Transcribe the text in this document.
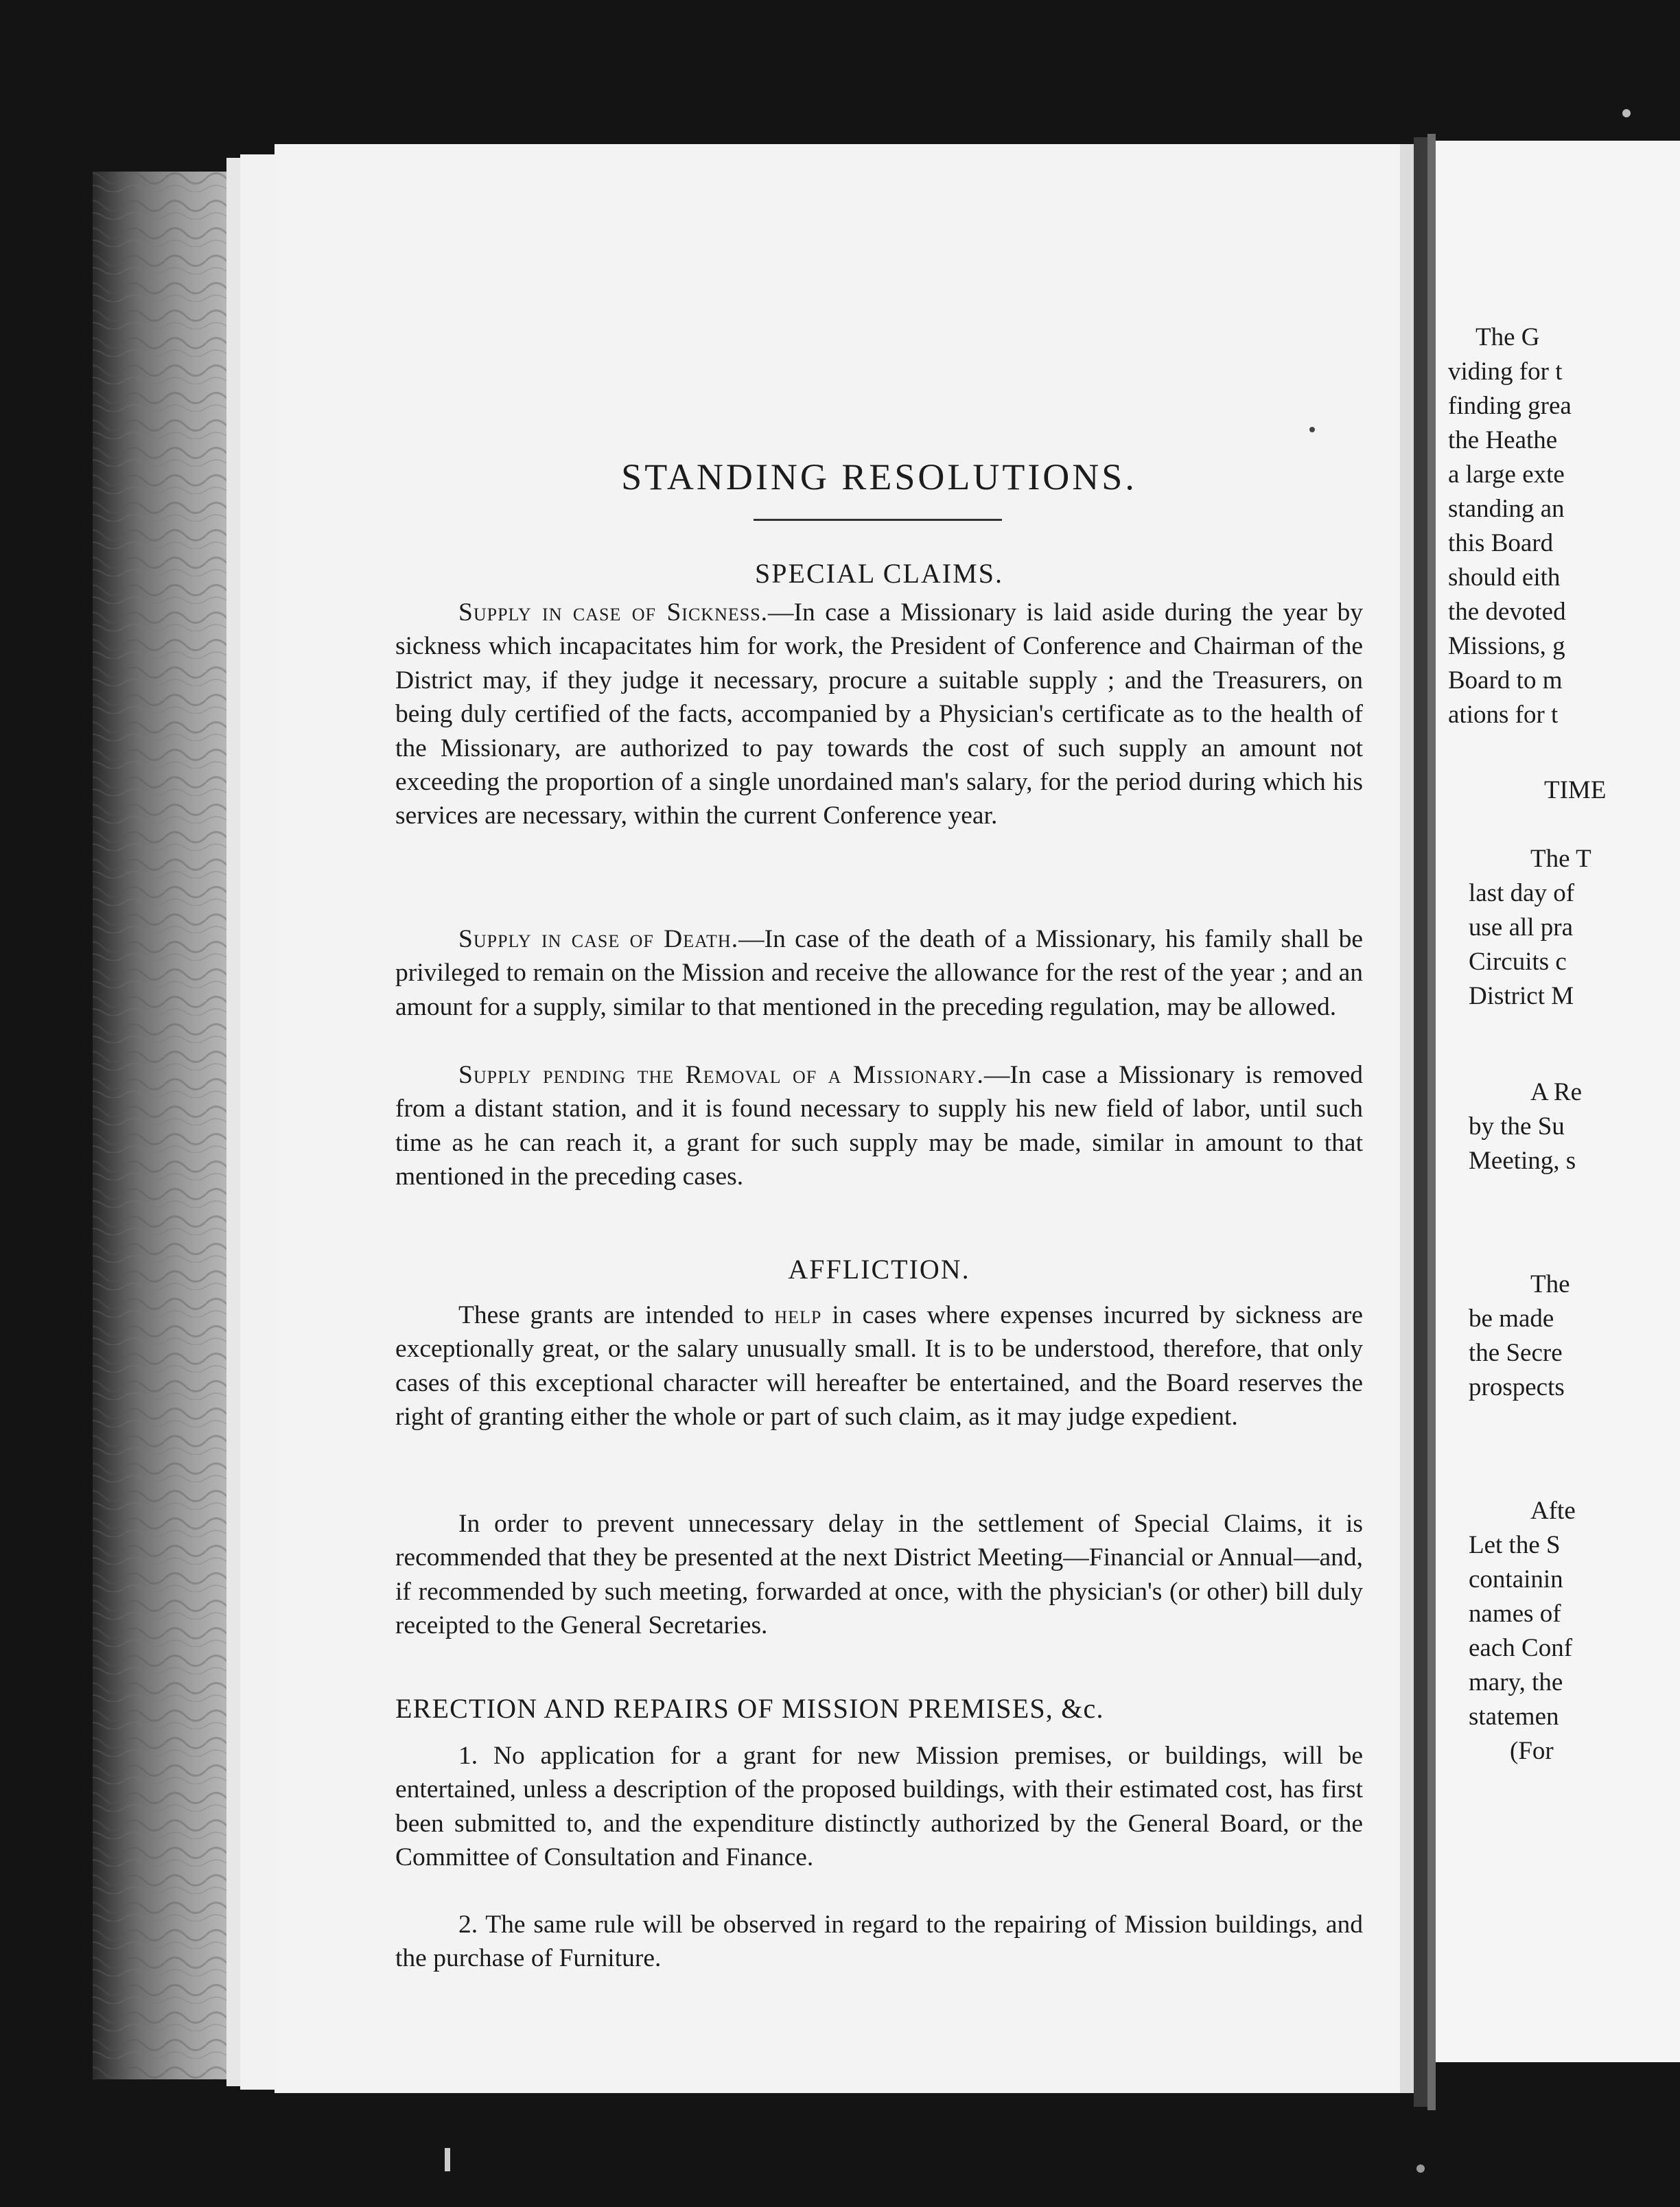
STANDING RESOLUTIONS.
SPECIAL CLAIMS.

Supply in case of Sickness.—In case a Missionary is laid aside during the year by sickness which incapacitates him for work, the President of Conference and Chairman of the District may, if they judge it necessary, procure a suitable supply ; and the Treasurers, on being duly certified of the facts, accompanied by a Physician's certificate as to the health of the Missionary, are authorized to pay towards the cost of such supply an amount not exceeding the proportion of a single unordained man's salary, for the period during which his services are necessary, within the current Conference year.

Supply in case of Death.—In case of the death of a Missionary, his family shall be privileged to remain on the Mission and receive the allowance for the rest of the year ; and an amount for a supply, similar to that mentioned in the preceding regulation, may be allowed.

Supply pending the Removal of a Missionary.—In case a Missionary is removed from a distant station, and it is found necessary to supply his new field of labor, until such time as he can reach it, a grant for such supply may be made, similar in amount to that mentioned in the preceding cases.

AFFLICTION.

These grants are intended to help in cases where expenses incurred by sickness are exceptionally great, or the salary unusually small. It is to be understood, therefore, that only cases of this exceptional character will hereafter be entertained, and the Board reserves the right of granting either the whole or part of such claim, as it may judge expedient.

In order to prevent unnecessary delay in the settlement of Special Claims, it is recommended that they be presented at the next District Meeting—Financial or Annual—and, if recommended by such meeting, forwarded at once, with the physician's (or other) bill duly receipted to the General Secretaries.

ERECTION AND REPAIRS OF MISSION PREMISES, &c.

1. No application for a grant for new Mission premises, or buildings, will be entertained, unless a description of the proposed buildings, with their estimated cost, has first been submitted to, and the expenditure distinctly authorized by the General Board, or the Committee of Consultation and Finance.

2. The same rule will be observed in regard to the repairing of Mission buildings, and the purchase of Furniture.

The G
viding for t
finding grea
the Heathe
a large exte
standing an
this Board
should eith
the devoted
Missions, g
Board to m
ations for t
TIME
The T
last day of
use all pra
Circuits c
District M
A Re
by the Su
Meeting, s
The
be made
the Secre
prospects
Afte
Let the S
containin
names of
each Conf
mary, the
statemen
(For
